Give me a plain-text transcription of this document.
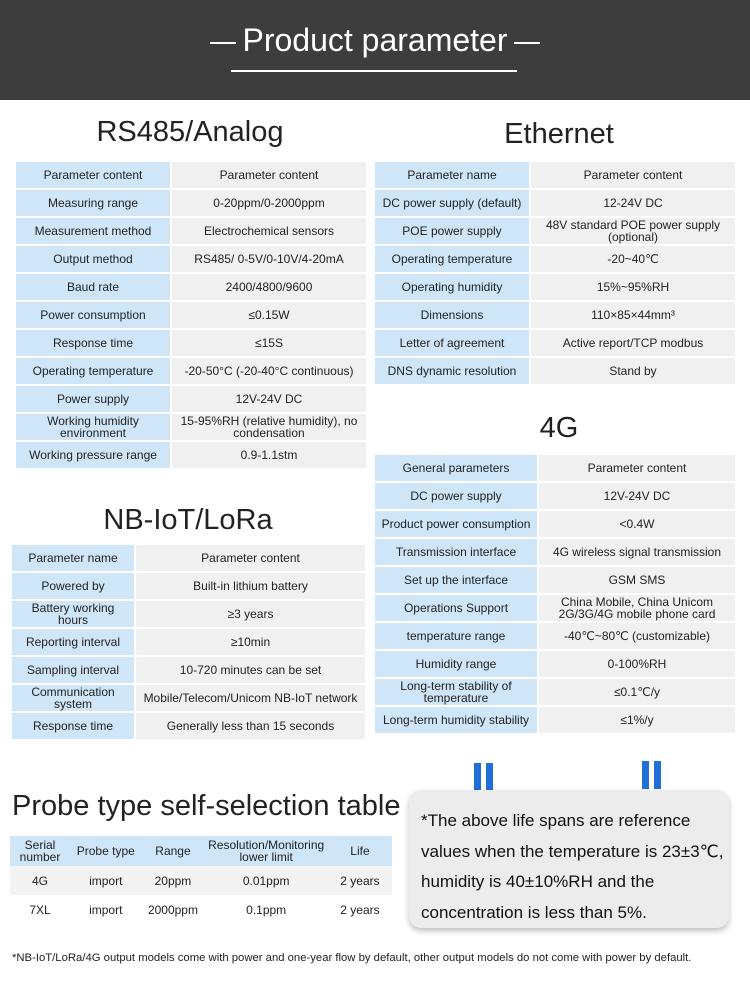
Product parameter
RS485/Analog
Parameter content	Parameter content
Measuring range	0-20ppm/0-2000ppm
Measurement method	Electrochemical sensors
Output method	RS485/ 0-5V/0-10V/4-20mA
Baud rate	2400/4800/9600
Power consumption	≤0.15W
Response time	≤15S
Operating temperature	-20-50°C (-20-40°C continuous)
Power supply	12V-24V DC
Working humidity environment	15-95%RH (relative humidity), no condensation
Working pressure range	0.9-1.1stm
Ethernet
Parameter name	Parameter content
DC power supply (default)	12-24V DC
POE power supply	48V standard POE power supply (optional)
Operating temperature	-20~40℃
Operating humidity	15%~95%RH
Dimensions	110×85×44mm³
Letter of agreement	Active report/TCP modbus
DNS dynamic resolution	Stand by
NB-IoT/LoRa
Parameter name	Parameter content
Powered by	Built-in lithium battery
Battery working hours	≥3 years
Reporting interval	≥10min
Sampling interval	10-720 minutes can be set
Communication system	Mobile/Telecom/Unicom NB-IoT network
Response time	Generally less than 15 seconds
4G
General parameters	Parameter content
DC power supply	12V-24V DC
Product power consumption	<0.4W
Transmission interface	4G wireless signal transmission
Set up the interface	GSM SMS
Operations Support	China Mobile, China Unicom 2G/3G/4G mobile phone card
temperature range	-40℃~80℃ (customizable)
Humidity range	0-100%RH
Long-term stability of temperature	≤0.1℃/y
Long-term humidity stability	≤1%/y
Probe type self-selection table
Serial number	Probe type	Range	Resolution/Monitoring lower limit	Life
4G	import	20ppm	0.01ppm	2 years
7XL	import	2000ppm	0.1ppm	2 years
*The above life spans are reference values when the temperature is 23±3℃, humidity is 40±10%RH and the concentration is less than 5%.
*NB-IoT/LoRa/4G output models come with power and one-year flow by default, other output models do not come with power by default.
